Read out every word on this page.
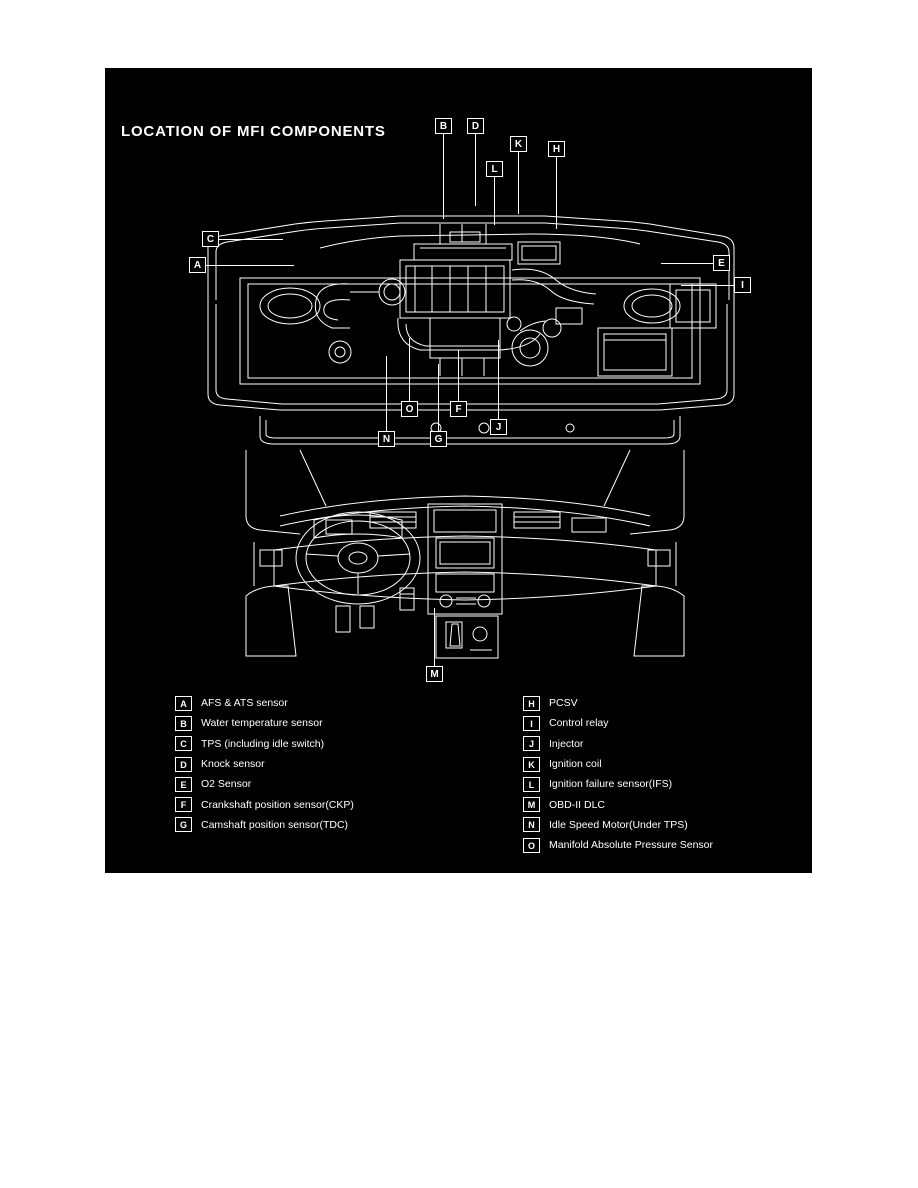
LOCATION OF MFI COMPONENTS	B	D
K	H
L
C
A	E
I
O	F
J
N	G
M
A	AFS & ATS sensor
B	Water temperature sensor
C	TPS (including idle switch)
D	Knock sensor
E	O2 Sensor
F	Crankshaft position sensor(CKP)
G	Camshaft position sensor(TDC)
H	PCSV
I	Control relay
J	Injector
K	Ignition coil
L	Ignition failure sensor(IFS)
M	OBD-II DLC
N	Idle Speed Motor(Under TPS)
O	Manifold Absolute Pressure Sensor
